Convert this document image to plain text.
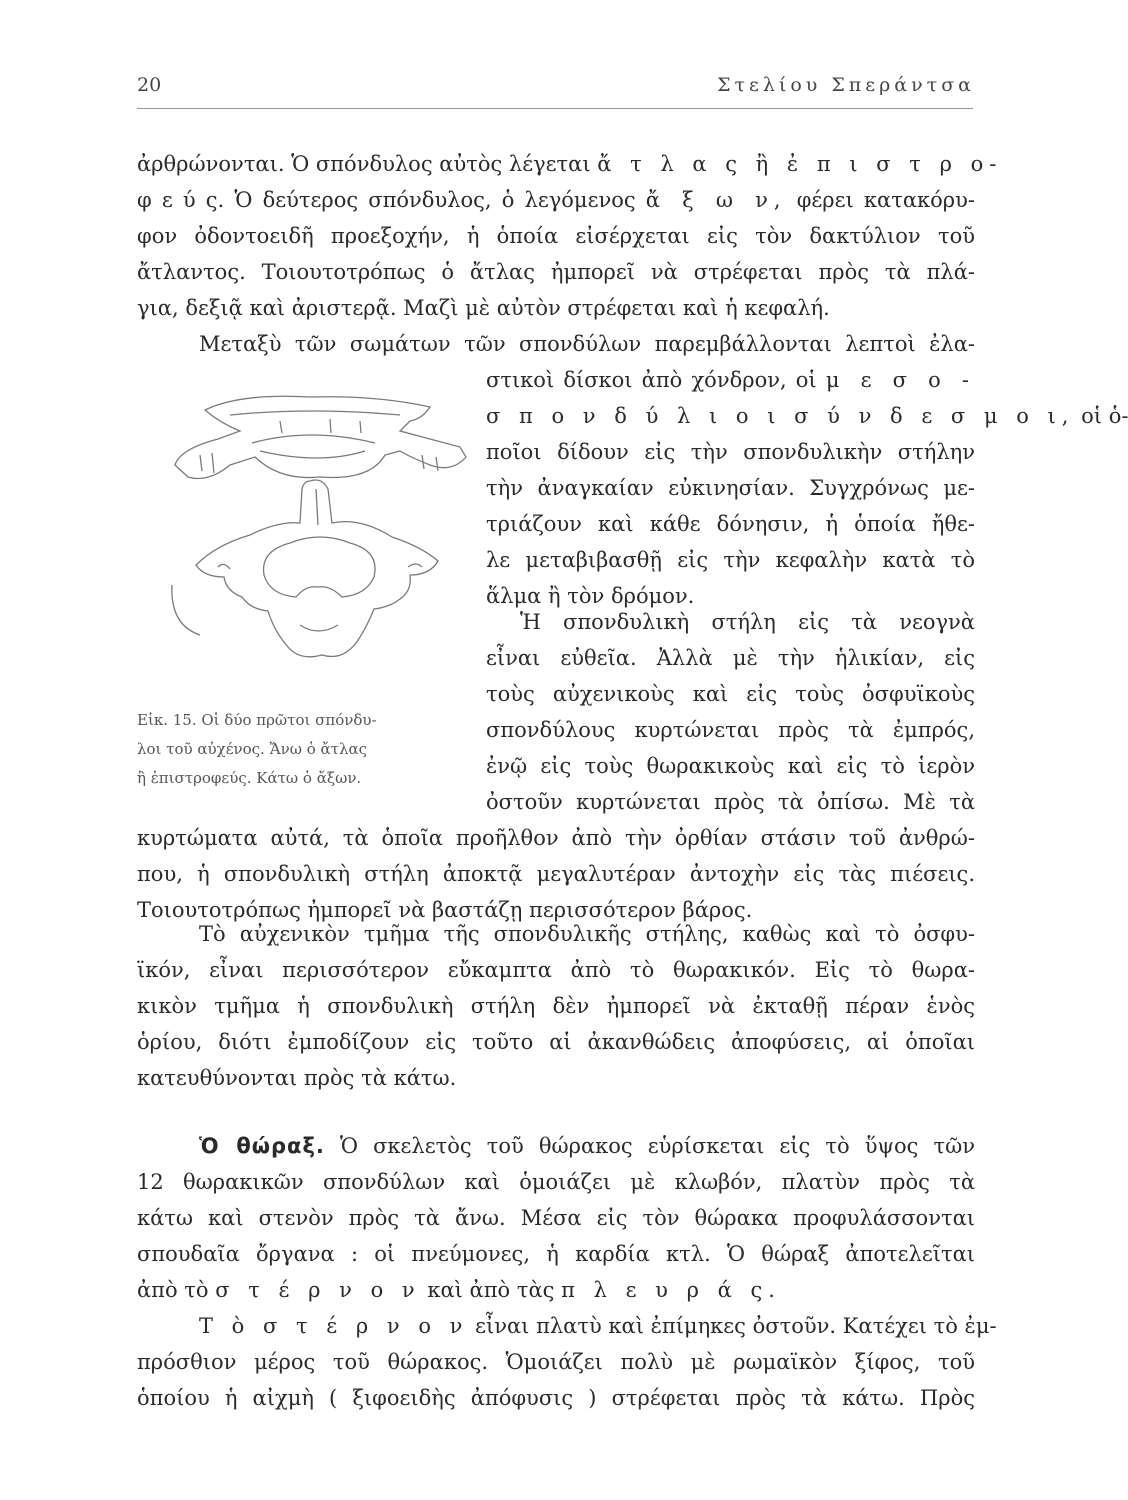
20	Στελίου Σπεράντσα
ἀρθρώνονται. Ὁ σπόνδυλος αὐτὸς λέγεται ἄ τ λ α ς ἢ ἐ π ι σ τ ρ ο-
φ ε ύ ς. Ὁ δεύτερος σπόνδυλος, ὁ λεγόμενος ἄ ξ ω ν, φέρει κατακόρυ-
φον ὀδοντοειδῆ προεξοχήν, ἡ ὁποία εἰσέρχεται εἰς τὸν δακτύλιον τοῦ
ἄτλαντος. Τοιουτοτρόπως ὁ ἄτλας ἠμπορεῖ νὰ στρέφεται πρὸς τὰ πλά-
για, δεξιᾷ καὶ ἀριστερᾷ. Μαζὶ μὲ αὐτὸν στρέφεται καὶ ἡ κεφαλή.
Μεταξὺ τῶν σωμάτων τῶν σπονδύλων παρεμβάλλονται λεπτοὶ ἐλα-
στικοὶ δίσκοι ἀπὸ χόνδρον, οἱ μ ε σ ο -
σ π ο ν δ ύ λ ι ο ι σ ύ ν δ ε σ μ ο ι, οἱ ὁ-
ποῖοι δίδουν εἰς τὴν σπονδυλικὴν στήλην
τὴν ἀναγκαίαν εὐκινησίαν. Συγχρόνως με-
τριάζουν καὶ κάθε δόνησιν, ἡ ὁποία ἤθε-
λε μεταβιβασθῇ εἰς τὴν κεφαλὴν κατὰ τὸ
ἅλμα ἢ τὸν δρόμον.
Ἡ σπονδυλικὴ στήλη εἰς τὰ νεογνὰ
εἶναι εὐθεῖα. Ἀλλὰ μὲ τὴν ἡλικίαν, εἰς
τοὺς αὐχενικοὺς καὶ εἰς τοὺς ὀσφυϊκοὺς
σπονδύλους κυρτώνεται πρὸς τὰ ἐμπρός,
ἐνῷ εἰς τοὺς θωρακικοὺς καὶ εἰς τὸ ἱερὸν
ὀστοῦν κυρτώνεται πρὸς τὰ ὀπίσω. Μὲ τὰ
κυρτώματα αὐτά, τὰ ὁποῖα προῆλθον ἀπὸ τὴν ὀρθίαν στάσιν τοῦ ἀνθρώ-
που, ἡ σπονδυλικὴ στήλη ἀποκτᾷ μεγαλυτέραν ἀντοχὴν εἰς τὰς πιέσεις.
Τοιουτοτρόπως ἠμπορεῖ νὰ βαστάζῃ περισσότερον βάρος.
Εἰκ. 15. Οἱ δύο πρῶτοι σπόνδυ-
λοι τοῦ αὐχένος. Ἄνω ὁ ἄτλας
ἢ ἐπιστροφεύς. Κάτω ὁ ἄξων.
Τὸ αὐχενικὸν τμῆμα τῆς σπονδυλικῆς στήλης, καθὼς καὶ τὸ ὀσφυ-
ϊκόν, εἶναι περισσότερον εὔκαμπτα ἀπὸ τὸ θωρακικόν. Εἰς τὸ θωρα-
κικὸν τμῆμα ἡ σπονδυλικὴ στήλη δὲν ἠμπορεῖ νὰ ἐκταθῇ πέραν ἑνὸς
ὁρίου, διότι ἐμποδίζουν εἰς τοῦτο αἱ ἀκανθώδεις ἀποφύσεις, αἱ ὁποῖαι
κατευθύνονται πρὸς τὰ κάτω.
Ὁ θώραξ. Ὁ σκελετὸς τοῦ θώρακος εὑρίσκεται εἰς τὸ ὕψος τῶν
12 θωρακικῶν σπονδύλων καὶ ὁμοιάζει μὲ κλωβόν, πλατὺν πρὸς τὰ
κάτω καὶ στενὸν πρὸς τὰ ἄνω. Μέσα εἰς τὸν θώρακα προφυλάσσονται
σπουδαῖα ὄργανα : οἱ πνεύμονες, ἡ καρδία κτλ. Ὁ θώραξ ἀποτελεῖται
ἀπὸ τὸ σ τ έ ρ ν ο ν καὶ ἀπὸ τὰς π λ ε υ ρ ά ς.
Τ ὸ σ τ έ ρ ν ο ν εἶναι πλατὺ καὶ ἐπίμηκες ὀστοῦν. Κατέχει τὸ ἐμ-
πρόσθιον μέρος τοῦ θώρακος. Ὁμοιάζει πολὺ μὲ ρωμαϊκὸν ξίφος, τοῦ
ὁποίου ἡ αἰχμὴ ( ξιφοειδὴς ἀπόφυσις ) στρέφεται πρὸς τὰ κάτω. Πρὸς
